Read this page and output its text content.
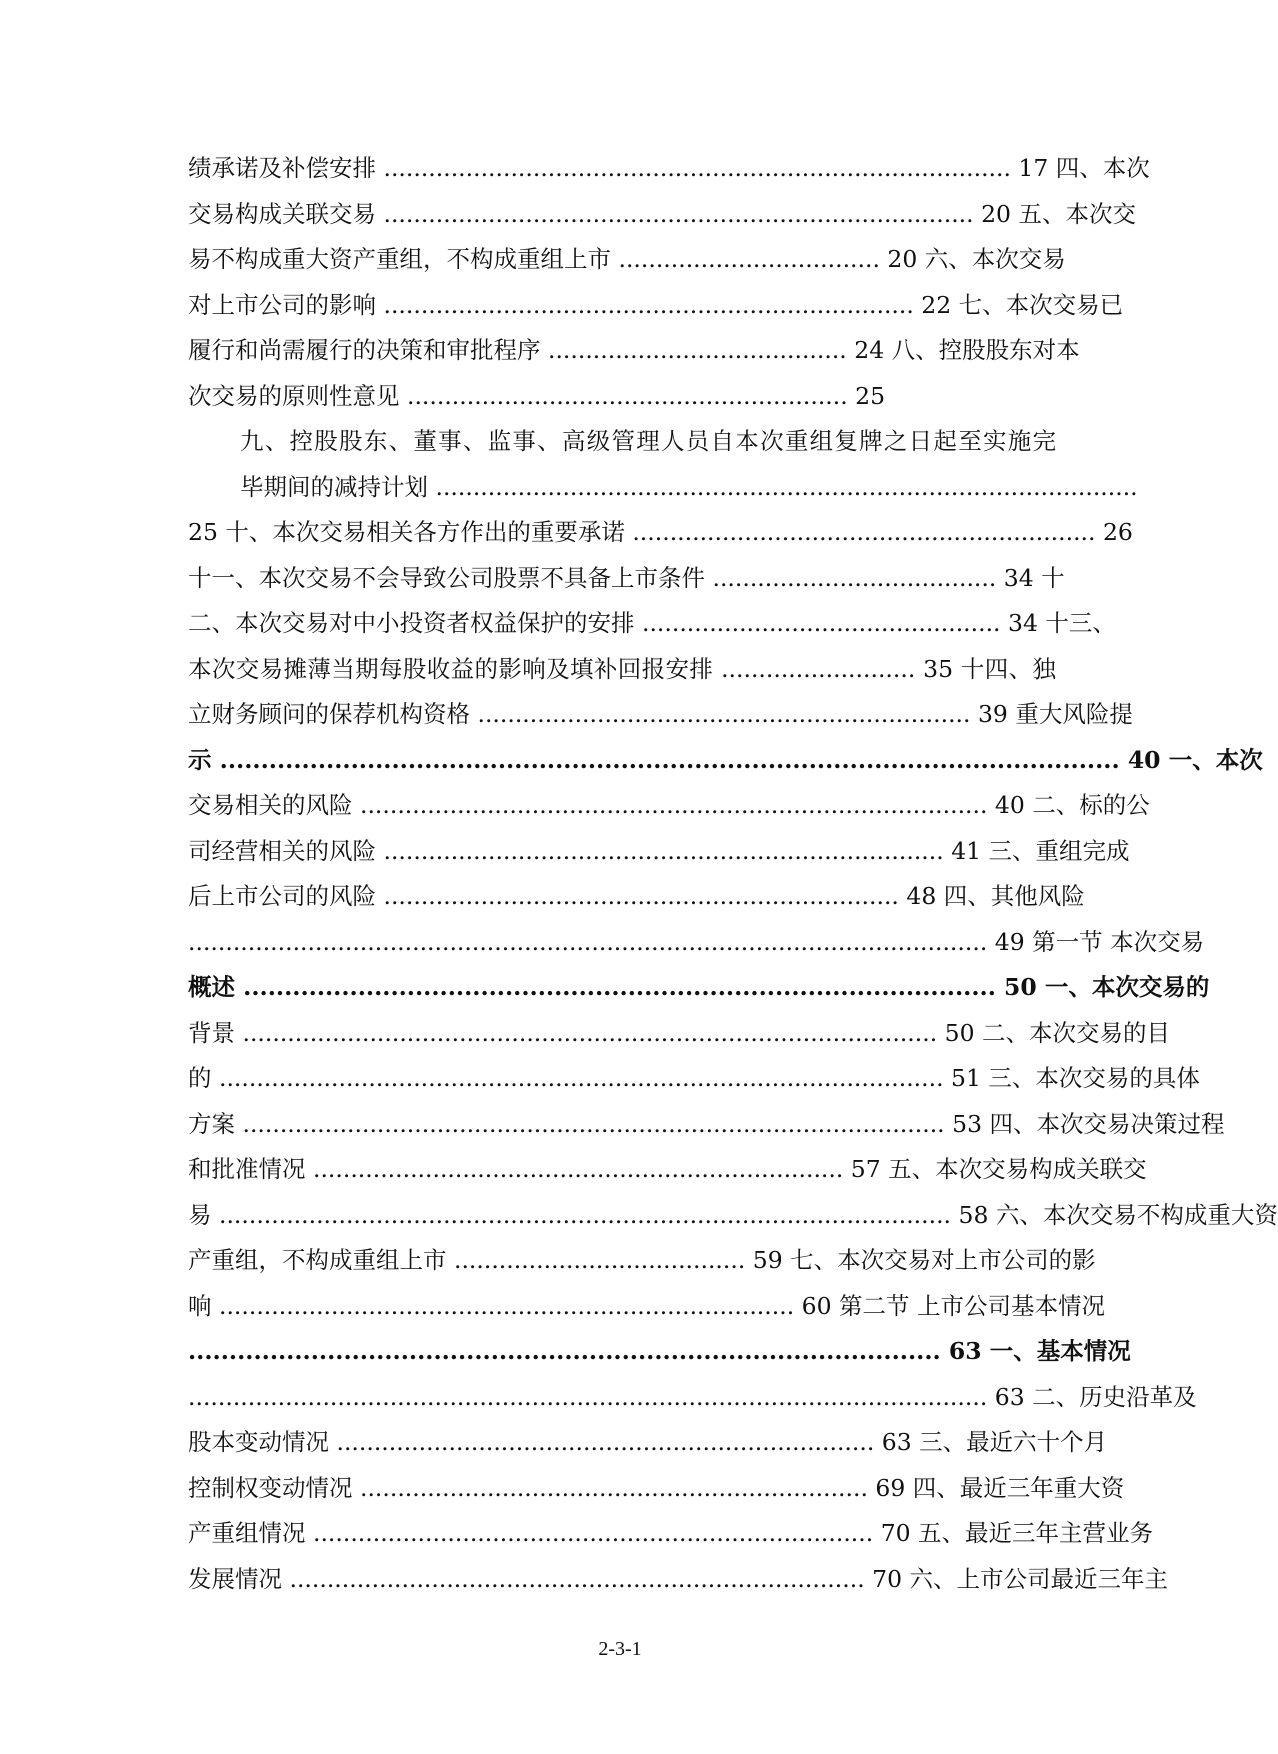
绩承诺及补偿安排 .................................................................................... 17 四、本次
交易构成关联交易 ............................................................................... 20 五、本次交
易不构成重大资产重组，不构成重组上市 ................................... 20 六、本次交易
对上市公司的影响 ....................................................................... 22 七、本次交易已
履行和尚需履行的决策和审批程序 ........................................ 24 八、控股股东对本
次交易的原则性意见 ........................................................... 25
九、控股股东、董事、监事、高级管理人员自本次重组复牌之日起至实施完
毕期间的减持计划 ..............................................................................................
25 十、本次交易相关各方作出的重要承诺 .............................................................. 26
十一、本次交易不会导致公司股票不具备上市条件 ...................................... 34 十
二、本次交易对中小投资者权益保护的安排 ................................................ 34 十三、
本次交易摊薄当期每股收益的影响及填补回报安排 .......................... 35 十四、独
立财务顾问的保荐机构资格 .................................................................. 39 重大风险提
示 .............................................................................................................. 40 一、本次
交易相关的风险 .................................................................................... 40 二、标的公
司经营相关的风险 ........................................................................... 41 三、重组完成
后上市公司的风险 ..................................................................... 48 四、其他风险
........................................................................................................... 49 第一节 本次交易
概述 ............................................................................................ 50 一、本次交易的
背景 ............................................................................................. 50 二、本次交易的目
的 ................................................................................................. 51 三、本次交易的具体
方案 .............................................................................................. 53 四、本次交易决策过程
和批准情况 ....................................................................... 57 五、本次交易构成关联交
易 .................................................................................................. 58 六、本次交易不构成重大资
产重组，不构成重组上市 ....................................... 59 七、本次交易对上市公司的影
响 ............................................................................. 60 第二节 上市公司基本情况
............................................................................................ 63 一、基本情况
........................................................................................................... 63 二、历史沿革及
股本变动情况 ........................................................................ 63 三、最近六十个月
控制权变动情况 .................................................................... 69 四、最近三年重大资
产重组情况 ........................................................................... 70 五、最近三年主营业务
发展情况 ............................................................................. 70 六、上市公司最近三年主
2-3-1
